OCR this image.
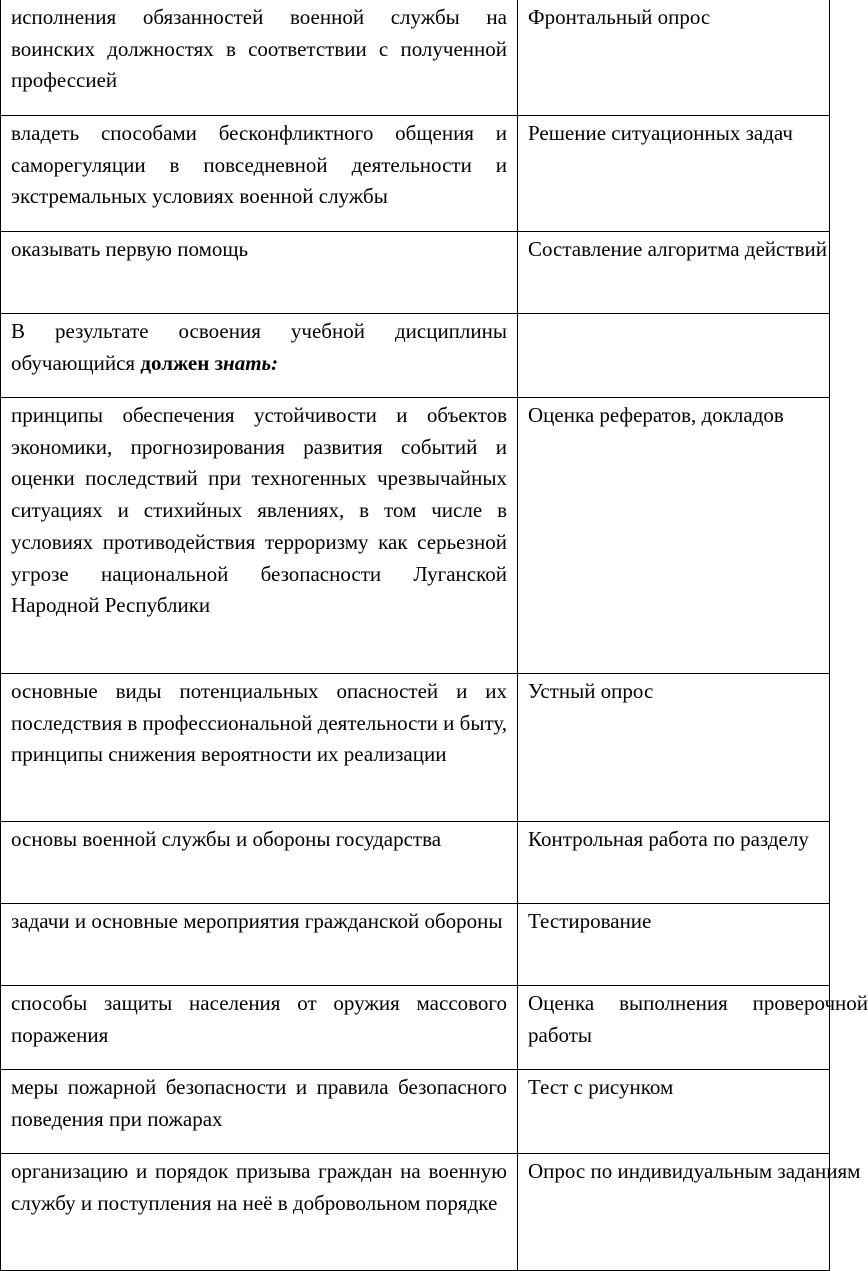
исполнения обязанностей военной службы на воинских должностях в соответствии с полученной профессией	Фронтальный опрос

владеть способами бесконфликтного общения и саморегуляции в повседневной деятельности и экстремальных условиях военной службы	Решение ситуационных задач
оказывать первую помощь	Составление алгоритма действий

В результате освоения учебной дисциплины обучающийся должен знать:	
принципы обеспечения устойчивости и объектов экономики, прогнозирования развития событий и оценки последствий при техногенных чрезвычайных ситуациях и стихийных явлениях, в том числе в условиях противодействия терроризму как серьезной угрозе национальной безопасности Луганской Народной Республики	Оценка рефератов, докладов
основные виды потенциальных опасностей и их последствия в профессиональной деятельности и быту, принципы снижения вероятности их реализации	Устный опрос
основы военной службы и обороны государства	Контрольная работа по разделу

задачи и основные мероприятия гражданской обороны	Тестирование
способы защиты населения от оружия массового поражения	Оценка выполнения проверочной работы

меры пожарной безопасности и правила безопасного поведения при пожарах	Тест с рисунком
организацию и порядок призыва граждан на военную службу и поступления на неё в добровольном порядке	Опрос по индивидуальным заданиям
